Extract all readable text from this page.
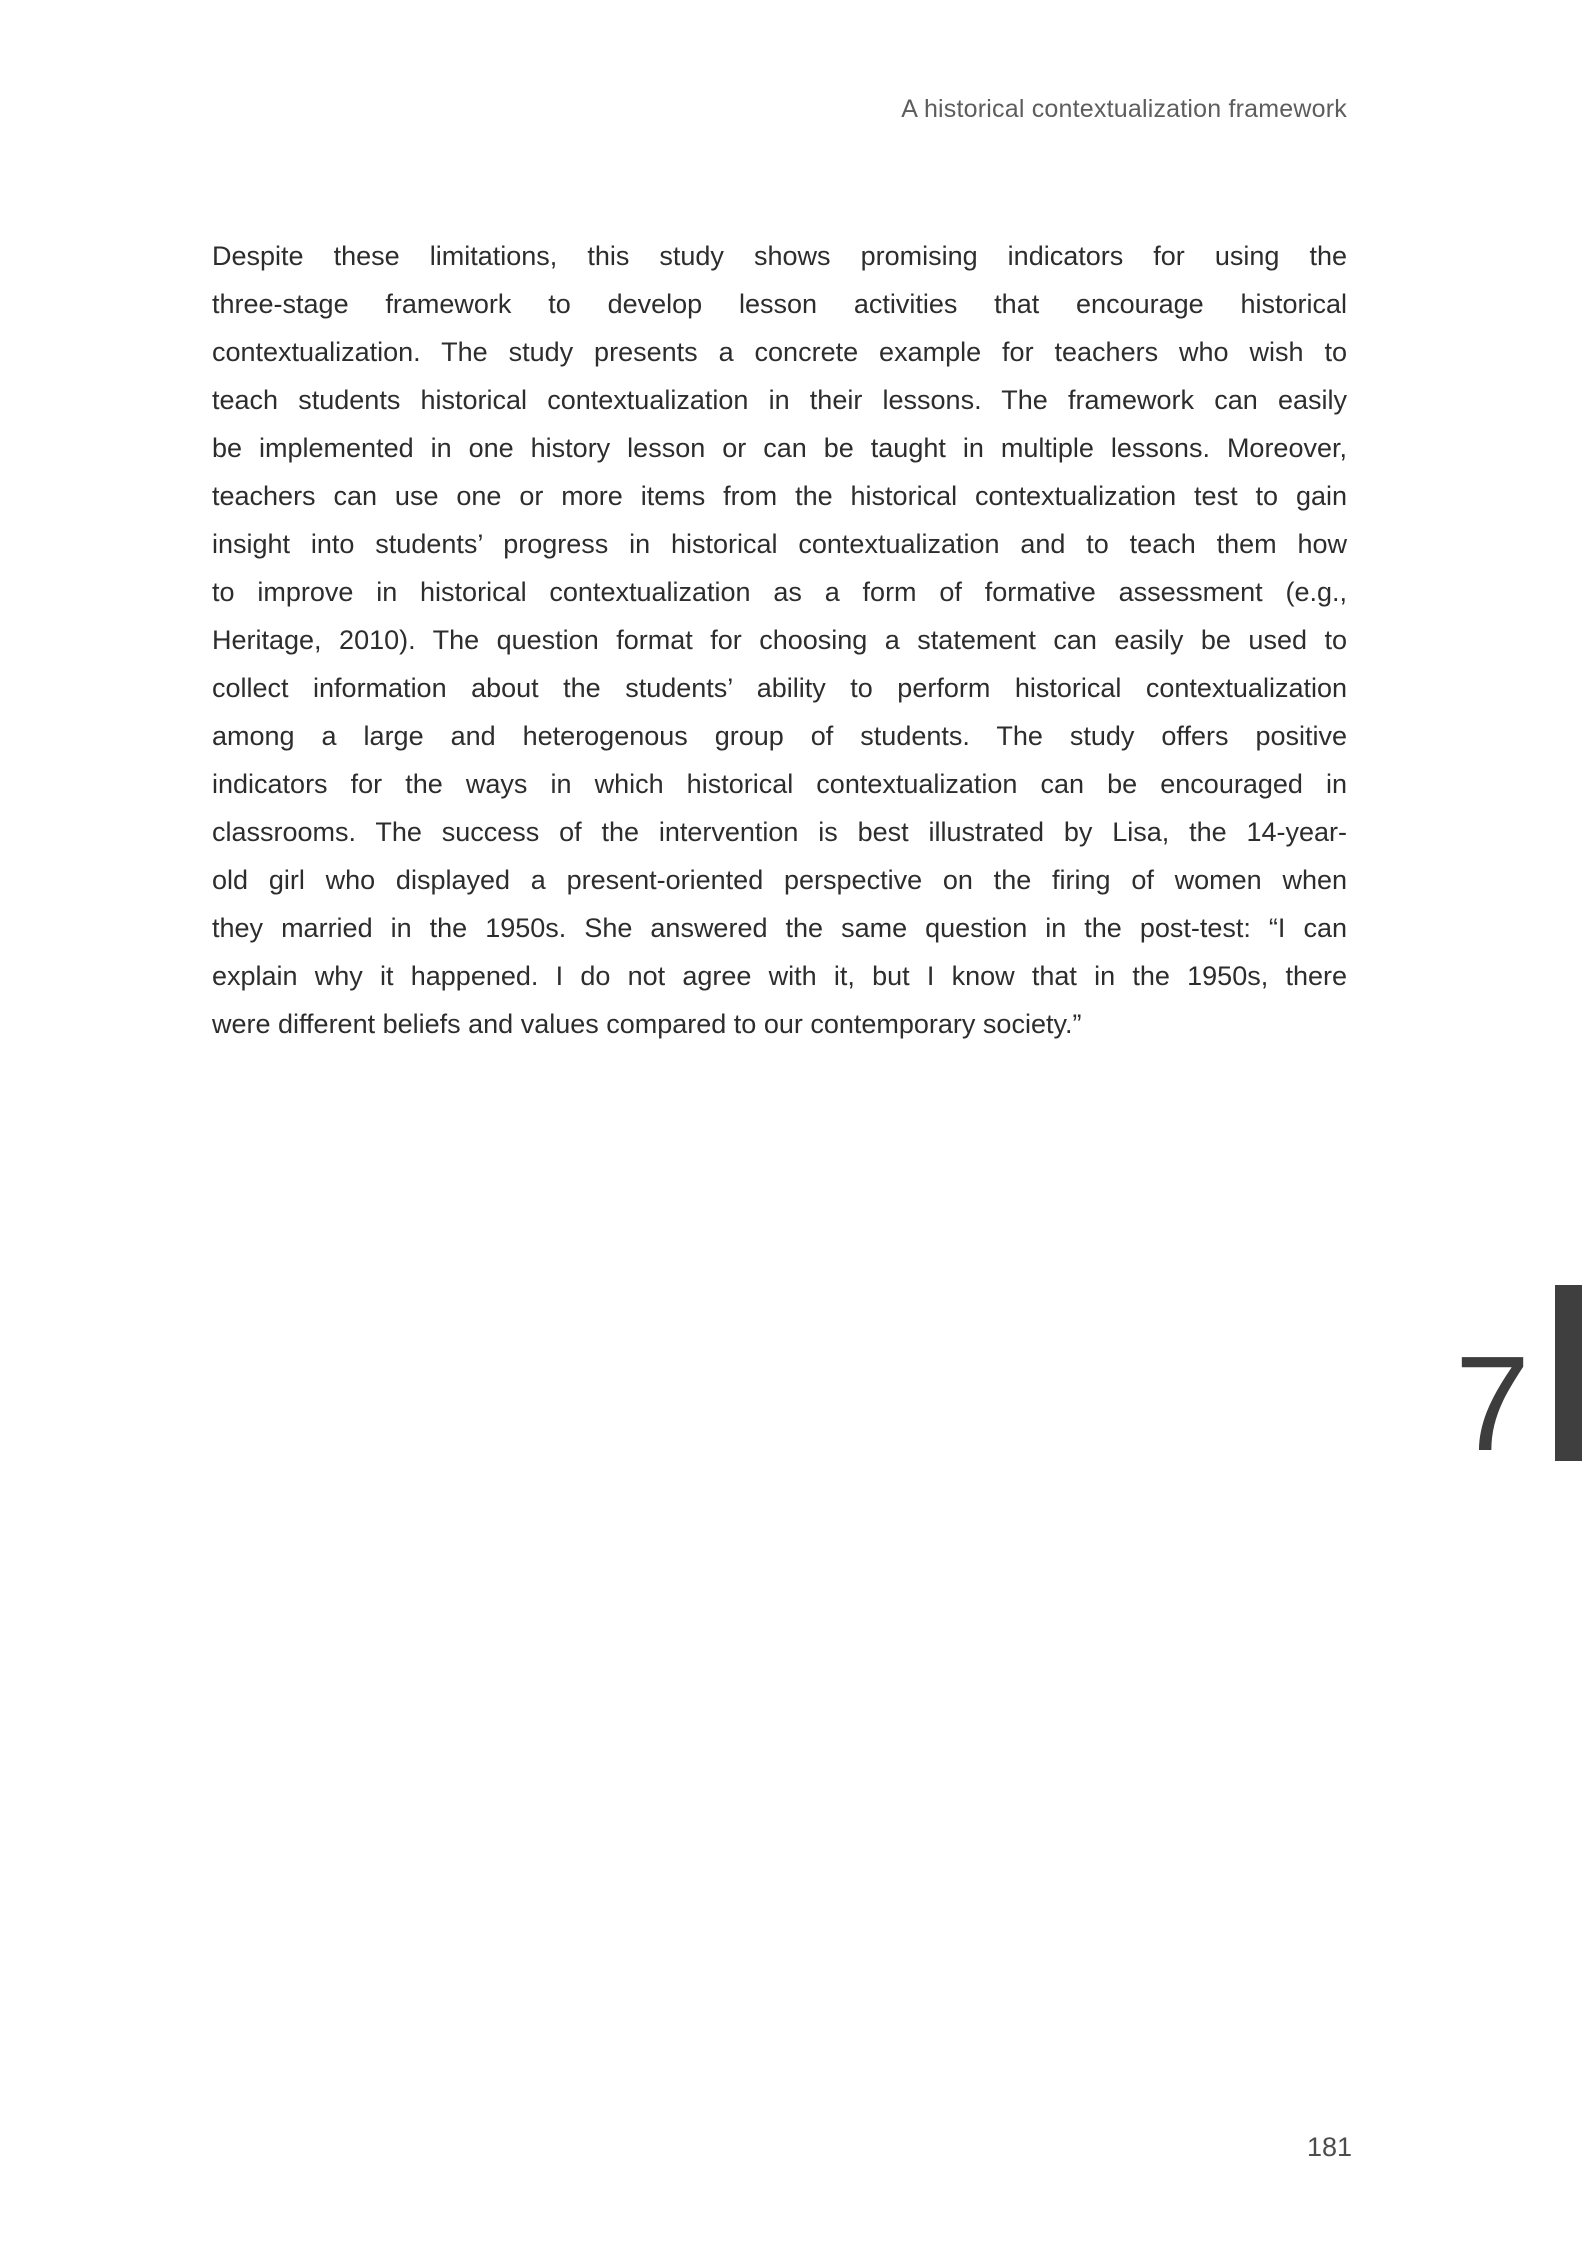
A historical contextualization framework
Despite these limitations, this study shows promising indicators for using the
three-stage framework to develop lesson activities that encourage historical
contextualization. The study presents a concrete example for teachers who wish to
teach students historical contextualization in their lessons. The framework can easily
be implemented in one history lesson or can be taught in multiple lessons. Moreover,
teachers can use one or more items from the historical contextualization test to gain
insight into students’ progress in historical contextualization and to teach them how
to improve in historical contextualization as a form of formative assessment (e.g.,
Heritage, 2010). The question format for choosing a statement can easily be used to
collect information about the students’ ability to perform historical contextualization
among a large and heterogenous group of students. The study offers positive
indicators for the ways in which historical contextualization can be encouraged in
classrooms. The success of the intervention is best illustrated by Lisa, the 14-year-
old girl who displayed a present-oriented perspective on the firing of women when
they married in the 1950s. She answered the same question in the post-test: “I can
explain why it happened. I do not agree with it, but I know that in the 1950s, there
were different beliefs and values compared to our contemporary society.”
7
181
